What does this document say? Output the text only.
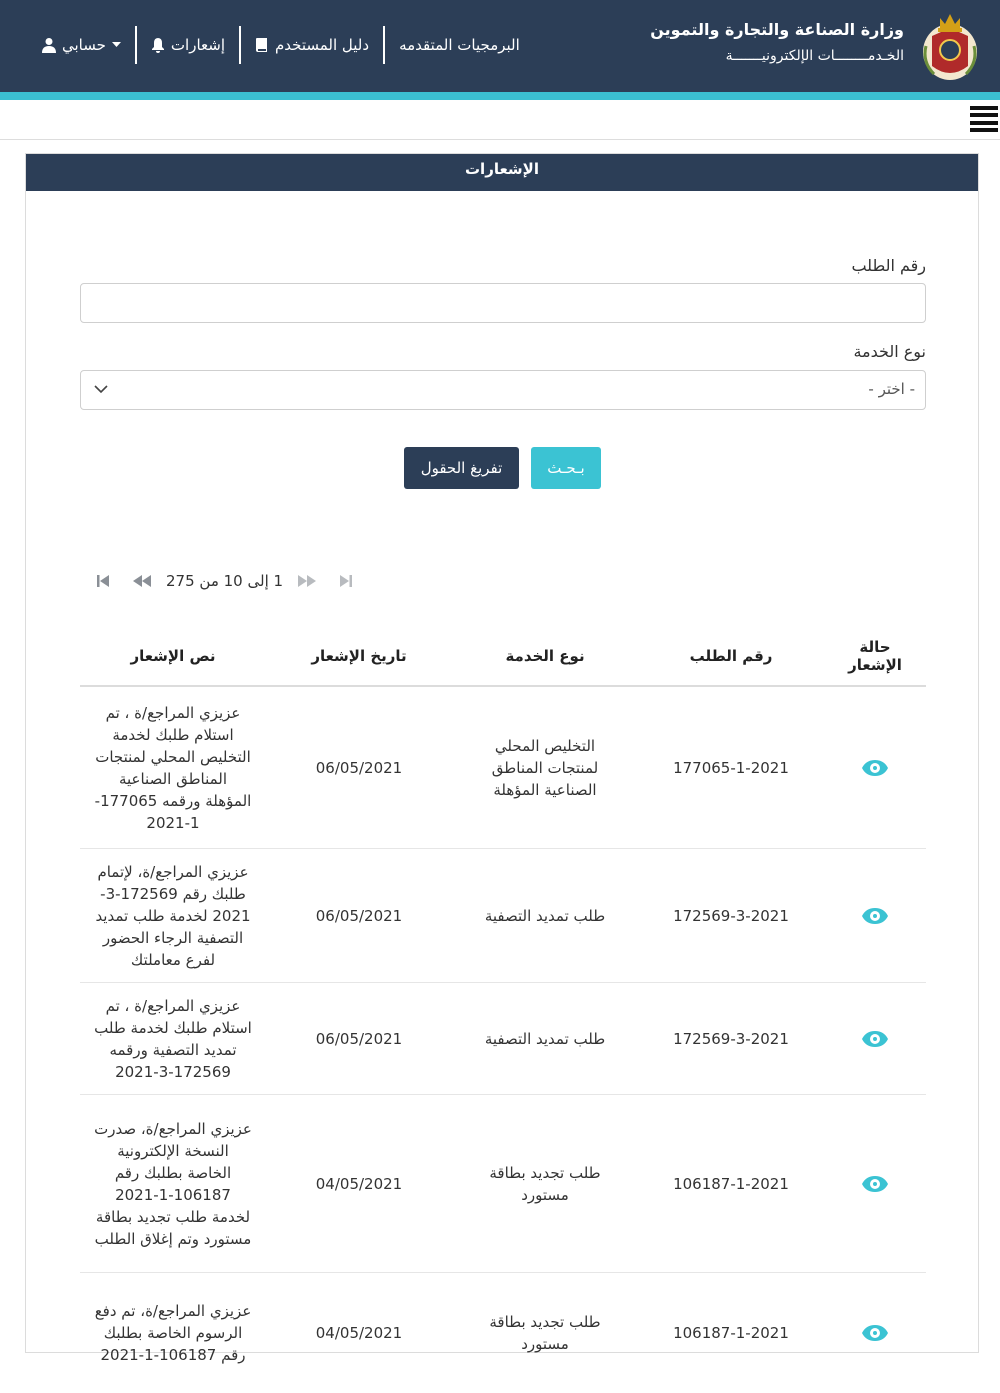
وزارة الصناعة والتجارة والتموين
الخـدمــــــــات الإلكترونيـــــــة
البرمجيات المتقدمه
دليل المستخدم
إشعارات
حسابي
الإشعارات
رقم الطلب
نوع الخدمة
- اختر -
بـحـث
تفريغ الحقول
1 إلى 10 من 275
حالة الإشعار
رقم الطلب
نوع الخدمة
تاريخ الإشعار
نص الإشعار
177065-1-2021
التخليص المحلي لمنتجات المناطق الصناعية المؤهلة
06/05/2021
عزيزي المراجع/ة ، تم استلام طلبك لخدمة التخليص المحلي لمنتجات المناطق الصناعية المؤهلة ورقمه 177065-1-2021
172569-3-2021
طلب تمديد التصفية
06/05/2021
عزيزي المراجع/ة، لإتمام طلبك رقم 172569-3-2021 لخدمة طلب تمديد التصفية الرجاء الحضور لفرع معاملتك
172569-3-2021
طلب تمديد التصفية
06/05/2021
عزيزي المراجع/ة ، تم استلام طلبك لخدمة طلب تمديد التصفية ورقمه 172569-3-2021
106187-1-2021
طلب تجديد بطاقة مستورد
04/05/2021
عزيزي المراجع/ة، صدرت النسخة الإلكترونية الخاصة بطلبك رقم 106187-1-2021 لخدمة طلب تجديد بطاقة مستورد وتم إغلاق الطلب
106187-1-2021
طلب تجديد بطاقة مستورد
04/05/2021
عزيزي المراجع/ة، تم دفع الرسوم الخاصة بطلبك رقم 106187-1-2021
